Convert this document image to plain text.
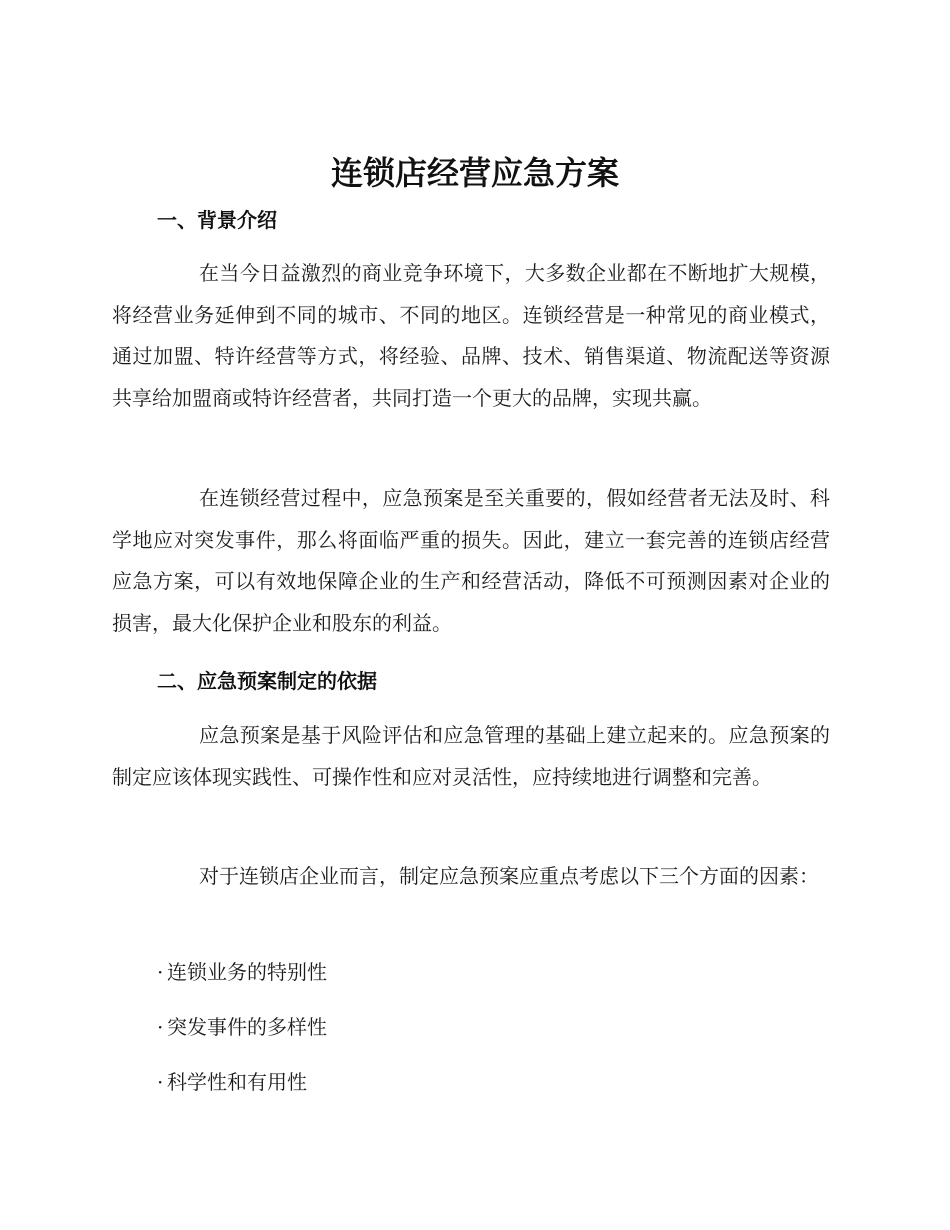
连锁店经营应急方案
一、背景介绍
在当今日益激烈的商业竞争环境下，大多数企业都在不断地扩大规模，将经营业务延伸到不同的城市、不同的地区。连锁经营是一种常见的商业模式，通过加盟、特许经营等方式，将经验、品牌、技术、销售渠道、物流配送等资源共享给加盟商或特许经营者，共同打造一个更大的品牌，实现共赢。
在连锁经营过程中，应急预案是至关重要的，假如经营者无法及时、科学地应对突发事件，那么将面临严重的损失。因此，建立一套完善的连锁店经营应急方案，可以有效地保障企业的生产和经营活动，降低不可预测因素对企业的损害，最大化保护企业和股东的利益。
二、应急预案制定的依据
应急预案是基于风险评估和应急管理的基础上建立起来的。应急预案的制定应该体现实践性、可操作性和应对灵活性，应持续地进行调整和完善。
对于连锁店企业而言，制定应急预案应重点考虑以下三个方面的因素：
· 连锁业务的特别性
· 突发事件的多样性
· 科学性和有用性
